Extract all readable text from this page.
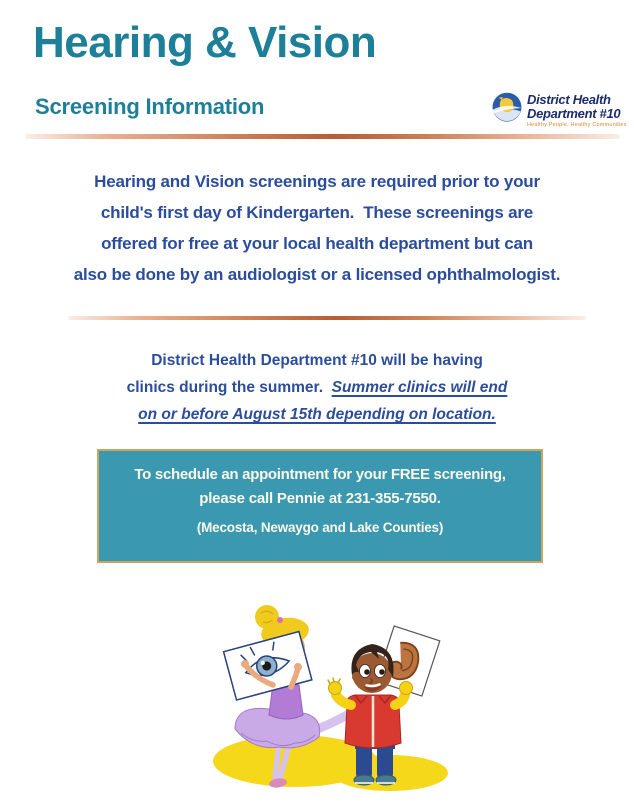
Hearing & Vision
Screening Information	District Health
Department #10
Healthy People. Healthy Communities
Hearing and Vision screenings are required prior to your
child's first day of Kindergarten.  These screenings are
offered for free at your local health department but can
also be done by an audiologist or a licensed ophthalmologist.
District Health Department #10 will be having
clinics during the summer.  Summer clinics will end
on or before August 15th depending on location.
To schedule an appointment for your FREE screening,
please call Pennie at 231-355-7550.
(Mecosta, Newaygo and Lake Counties)
